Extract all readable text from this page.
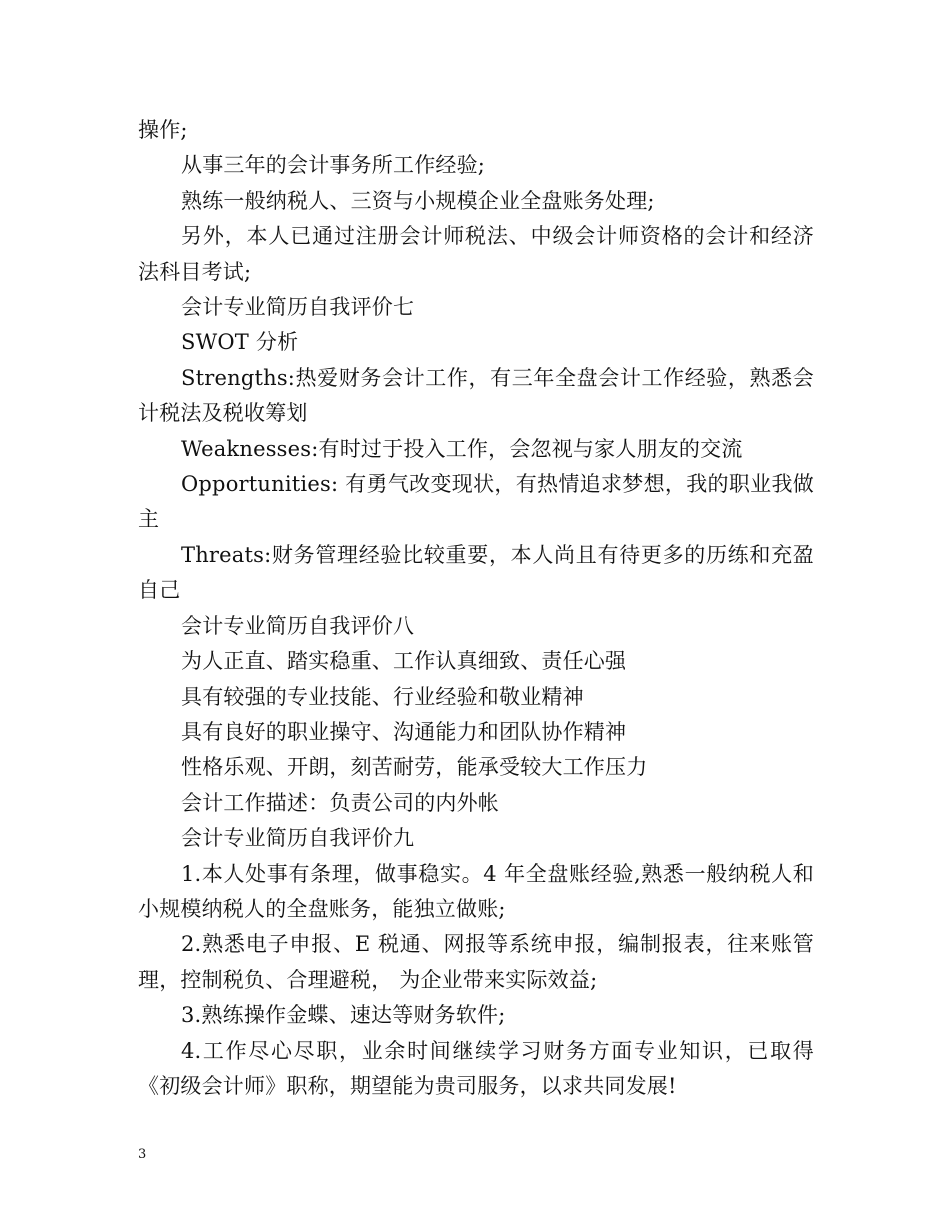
操作;

从事三年的会计事务所工作经验;

熟练一般纳税人、三资与小规模企业全盘账务处理;

另外，本人已通过注册会计师税法、中级会计师资格的会计和经济法科目考试;

会计专业简历自我评价七

SWOT 分析

Strengths:热爱财务会计工作，有三年全盘会计工作经验，熟悉会计税法及税收筹划

Weaknesses:有时过于投入工作，会忽视与家人朋友的交流

Opportunities: 有勇气改变现状，有热情追求梦想，我的职业我做主

Threats:财务管理经验比较重要，本人尚且有待更多的历练和充盈自己

会计专业简历自我评价八

为人正直、踏实稳重、工作认真细致、责任心强

具有较强的专业技能、行业经验和敬业精神

具有良好的职业操守、沟通能力和团队协作精神

性格乐观、开朗，刻苦耐劳，能承受较大工作压力

会计工作描述：负责公司的内外帐

会计专业简历自我评价九

1.本人处事有条理，做事稳实。4 年全盘账经验,熟悉一般纳税人和小规模纳税人的全盘账务，能独立做账;

2.熟悉电子申报、E 税通、网报等系统申报，编制报表，往来账管理，控制税负、合理避税， 为企业带来实际效益;

3.熟练操作金蝶、速达等财务软件;

4.工作尽心尽职，业余时间继续学习财务方面专业知识，已取得《初级会计师》职称，期望能为贵司服务，以求共同发展!

3
